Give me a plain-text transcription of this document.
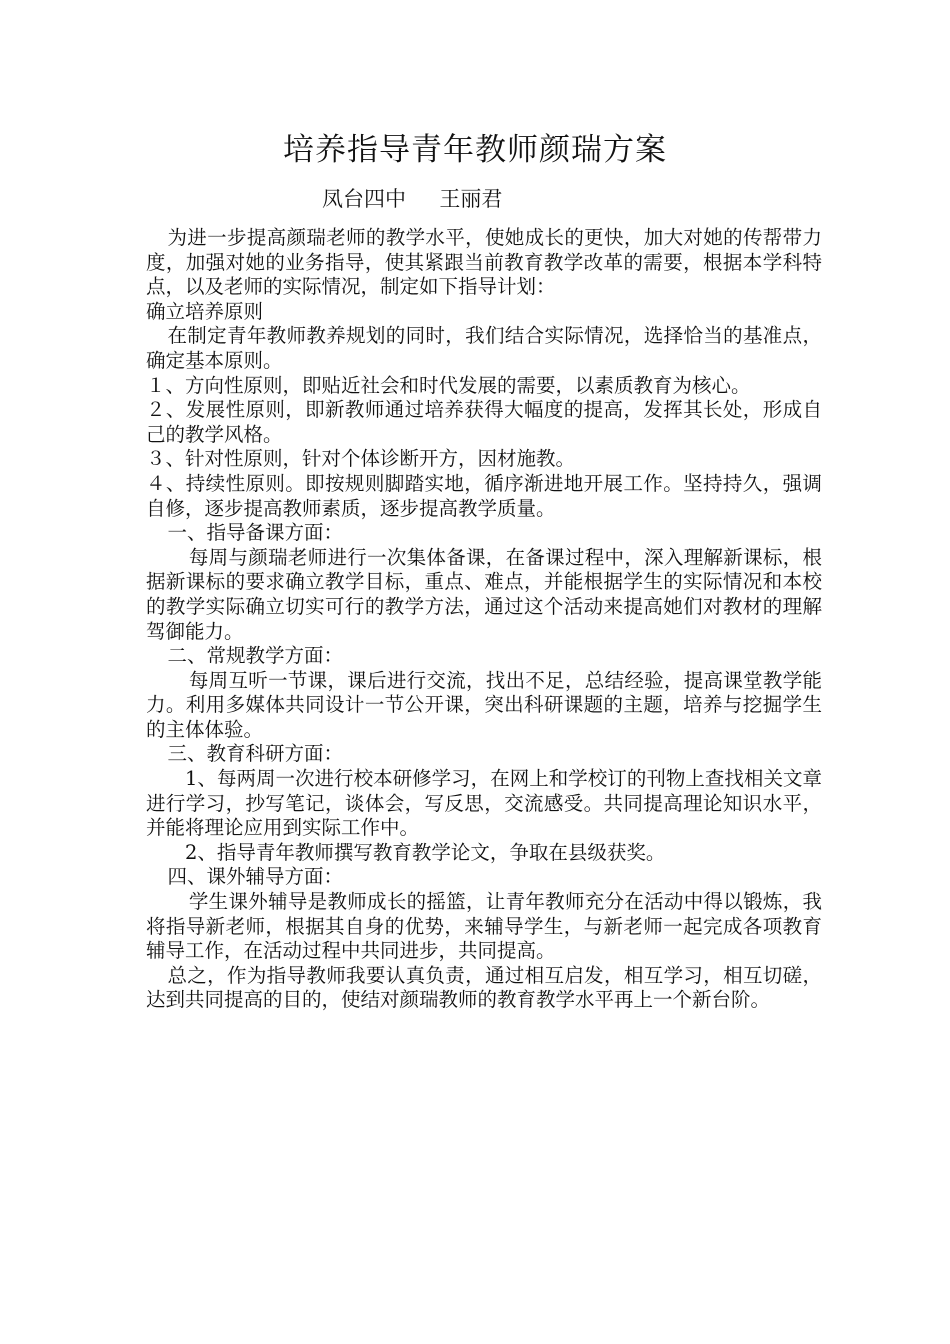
培养指导青年教师颜瑞方案

凤台四中     王丽君

为进一步提高颜瑞老师的教学水平，使她成长的更快，加大对她的传帮带力度，加强对她的业务指导，使其紧跟当前教育教学改革的需要，根据本学科特点，以及老师的实际情况，制定如下指导计划：

确立培养原则

在制定青年教师教养规划的同时，我们结合实际情况，选择恰当的基准点，确定基本原则。

１、方向性原则，即贴近社会和时代发展的需要，以素质教育为核心。

２、发展性原则，即新教师通过培养获得大幅度的提高，发挥其长处，形成自己的教学风格。

３、针对性原则，针对个体诊断开方，因材施教。

４、持续性原则。即按规则脚踏实地，循序渐进地开展工作。坚持持久，强调自修，逐步提高教师素质，逐步提高教学质量。

一、指导备课方面：

每周与颜瑞老师进行一次集体备课，在备课过程中，深入理解新课标，根据新课标的要求确立教学目标，重点、难点，并能根据学生的实际情况和本校的教学实际确立切实可行的教学方法，通过这个活动来提高她们对教材的理解驾御能力。

二、常规教学方面：

每周互听一节课，课后进行交流，找出不足，总结经验，提高课堂教学能力。利用多媒体共同设计一节公开课，突出科研课题的主题，培养与挖掘学生的主体体验。

三、教育科研方面：

1、每两周一次进行校本研修学习，在网上和学校订的刊物上查找相关文章进行学习，抄写笔记，谈体会，写反思，交流感受。共同提高理论知识水平，并能将理论应用到实际工作中。

2、指导青年教师撰写教育教学论文，争取在县级获奖。

四、课外辅导方面：

学生课外辅导是教师成长的摇篮，让青年教师充分在活动中得以锻炼，我将指导新老师，根据其自身的优势，来辅导学生，与新老师一起完成各项教育辅导工作，在活动过程中共同进步，共同提高。

总之，作为指导教师我要认真负责，通过相互启发，相互学习，相互切磋，达到共同提高的目的，使结对颜瑞教师的教育教学水平再上一个新台阶。
